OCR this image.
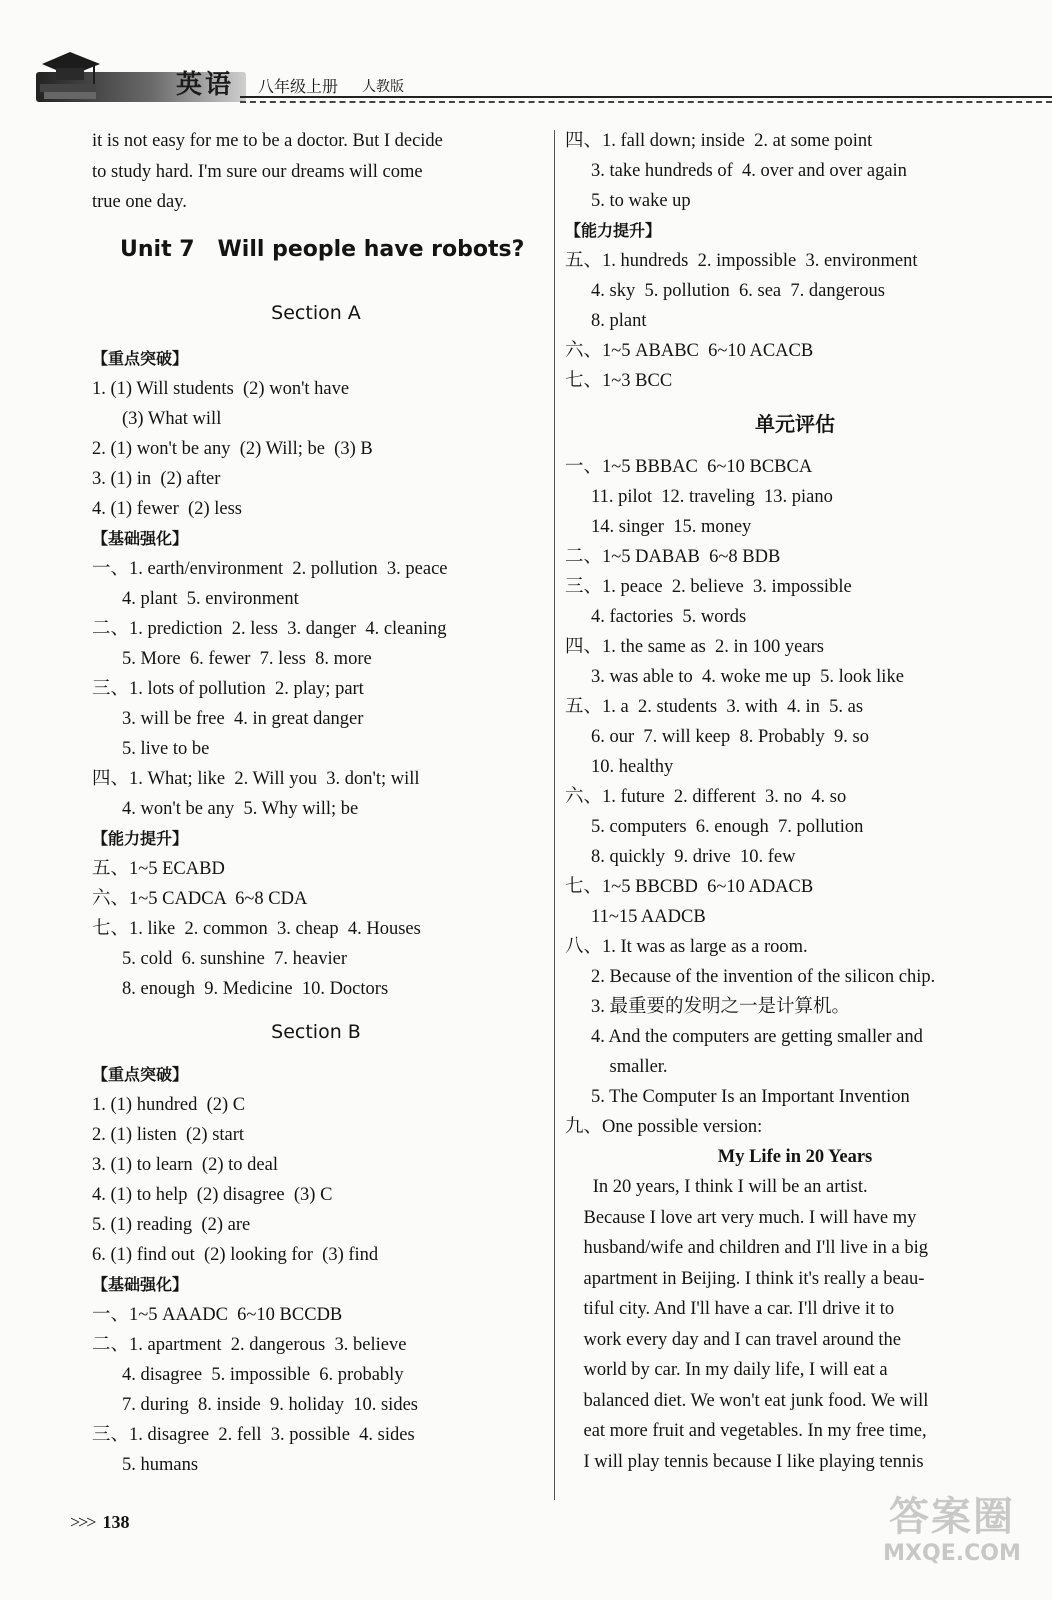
英语 八年级上册 人教版
it is not easy for me to be a doctor. But I decide
to study hard. I'm sure our dreams will come
true one day.
Unit 7   Will people have robots?
Section A
【重点突破】
1. (1) Will students  (2) won't have
(3) What will
2. (1) won't be any  (2) Will; be  (3) B
3. (1) in  (2) after
4. (1) fewer  (2) less
【基础强化】
一、1. earth/environment  2. pollution  3. peace
4. plant  5. environment
二、1. prediction  2. less  3. danger  4. cleaning
5. More  6. fewer  7. less  8. more
三、1. lots of pollution  2. play; part
3. will be free  4. in great danger
5. live to be
四、1. What; like  2. Will you  3. don't; will
4. won't be any  5. Why will; be
【能力提升】
五、1~5 ECABD
六、1~5 CADCA  6~8 CDA
七、1. like  2. common  3. cheap  4. Houses
5. cold  6. sunshine  7. heavier
8. enough  9. Medicine  10. Doctors
Section B
【重点突破】
1. (1) hundred  (2) C
2. (1) listen  (2) start
3. (1) to learn  (2) to deal
4. (1) to help  (2) disagree  (3) C
5. (1) reading  (2) are
6. (1) find out  (2) looking for  (3) find
【基础强化】
一、1~5 AAADC  6~10 BCCDB
二、1. apartment  2. dangerous  3. believe
4. disagree  5. impossible  6. probably
7. during  8. inside  9. holiday  10. sides
三、1. disagree  2. fell  3. possible  4. sides
5. humans
四、1. fall down; inside  2. at some point
3. take hundreds of  4. over and over again
5. to wake up
【能力提升】
五、1. hundreds  2. impossible  3. environment
4. sky  5. pollution  6. sea  7. dangerous
8. plant
六、1~5 ABABC  6~10 ACACB
七、1~3 BCC
单元评估
一、1~5 BBBAC  6~10 BCBCA
11. pilot  12. traveling  13. piano
14. singer  15. money
二、1~5 DABAB  6~8 BDB
三、1. peace  2. believe  3. impossible
4. factories  5. words
四、1. the same as  2. in 100 years
3. was able to  4. woke me up  5. look like
五、1. a  2. students  3. with  4. in  5. as
6. our  7. will keep  8. Probably  9. so
10. healthy
六、1. future  2. different  3. no  4. so
5. computers  6. enough  7. pollution
8. quickly  9. drive  10. few
七、1~5 BBCBD  6~10 ADACB
11~15 AADCB
八、1. It was as large as a room.
2. Because of the invention of the silicon chip.
3. 最重要的发明之一是计算机。
4. And the computers are getting smaller and
smaller.
5. The Computer Is an Important Invention
九、One possible version:
My Life in 20 Years
In 20 years, I think I will be an artist.
Because I love art very much. I will have my
husband/wife and children and I'll live in a big
apartment in Beijing. I think it's really a beau-
tiful city. And I'll have a car. I'll drive it to
work every day and I can travel around the
world by car. In my daily life, I will eat a
balanced diet. We won't eat junk food. We will
eat more fruit and vegetables. In my free time,
I will play tennis because I like playing tennis
>>> 138	答案圈
MXQE.COM
